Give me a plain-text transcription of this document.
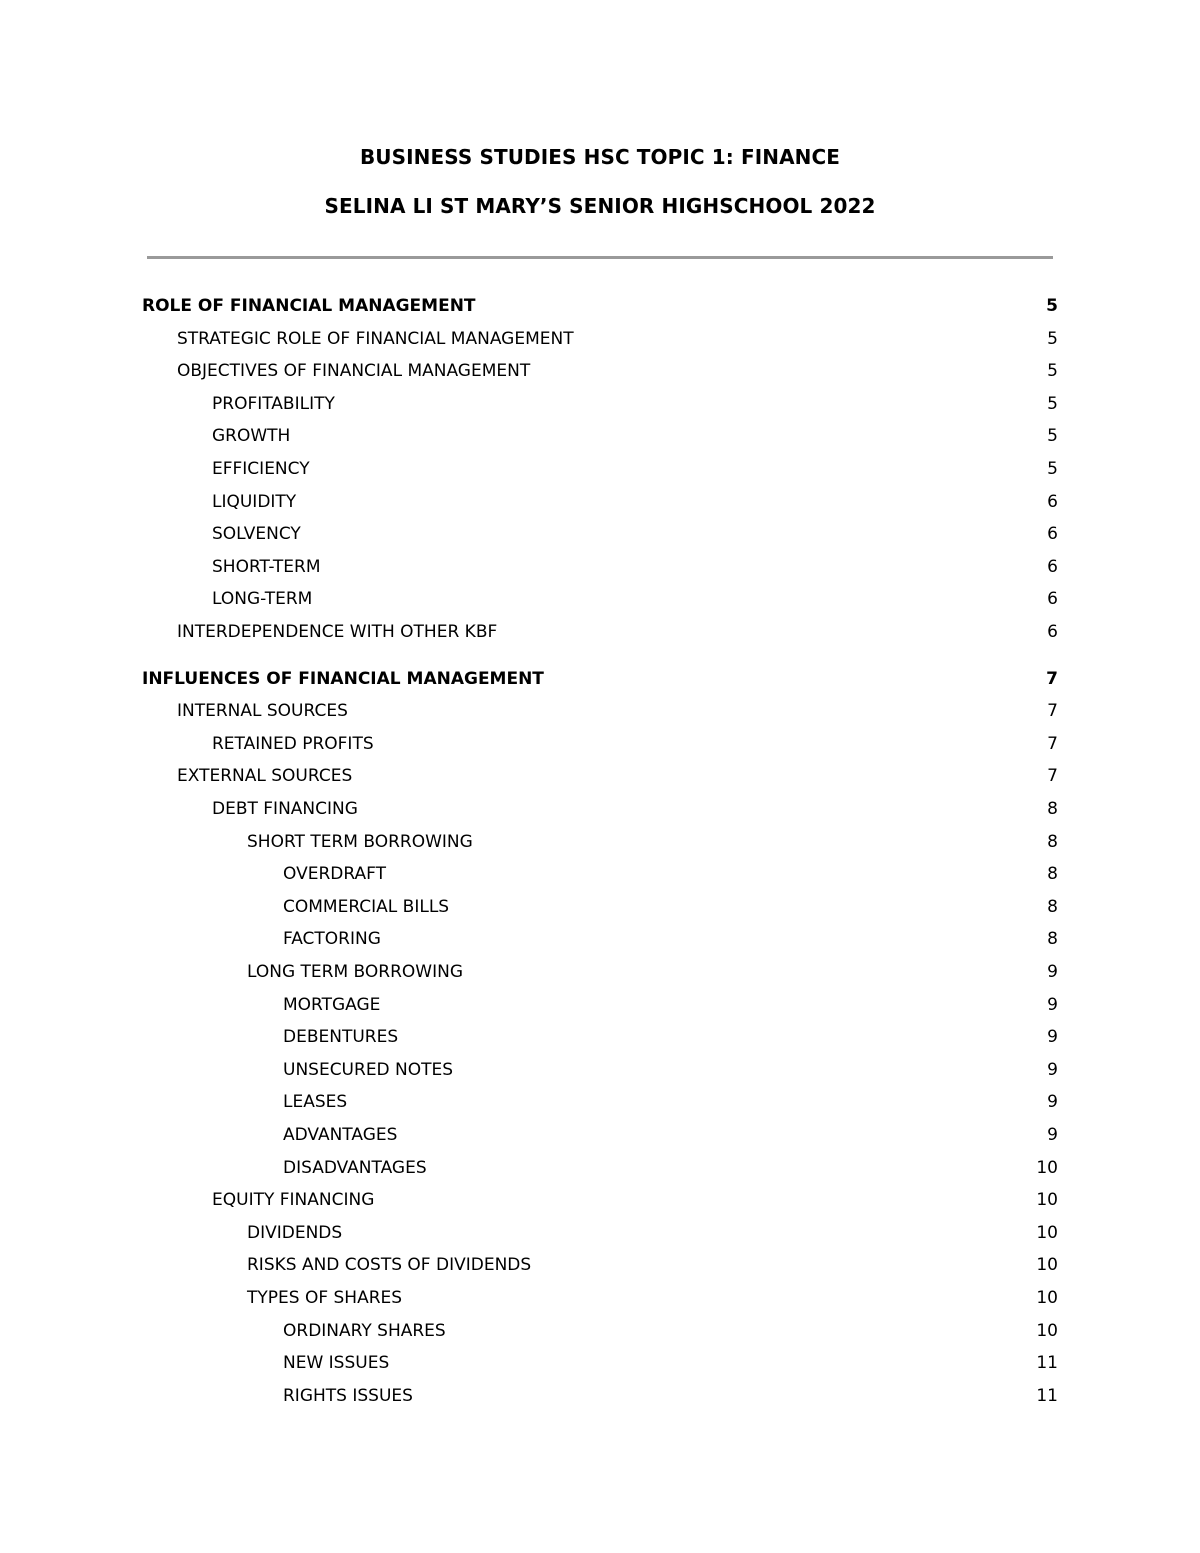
BUSINESS STUDIES HSC TOPIC 1: FINANCE
SELINA LI ST MARY’S SENIOR HIGHSCHOOL 2022
ROLE OF FINANCIAL MANAGEMENT	5
STRATEGIC ROLE OF FINANCIAL MANAGEMENT	5
OBJECTIVES OF FINANCIAL MANAGEMENT	5
PROFITABILITY	5
GROWTH	5
EFFICIENCY	5
LIQUIDITY	6
SOLVENCY	6
SHORT-TERM	6
LONG-TERM	6
INTERDEPENDENCE WITH OTHER KBF	6
INFLUENCES OF FINANCIAL MANAGEMENT	7
INTERNAL SOURCES	7
RETAINED PROFITS	7
EXTERNAL SOURCES	7
DEBT FINANCING	8
SHORT TERM BORROWING	8
OVERDRAFT	8
COMMERCIAL BILLS	8
FACTORING	8
LONG TERM BORROWING	9
MORTGAGE	9
DEBENTURES	9
UNSECURED NOTES	9
LEASES	9
ADVANTAGES	9
DISADVANTAGES	10
EQUITY FINANCING	10
DIVIDENDS	10
RISKS AND COSTS OF DIVIDENDS	10
TYPES OF SHARES	10
ORDINARY SHARES	10
NEW ISSUES	11
RIGHTS ISSUES	11
